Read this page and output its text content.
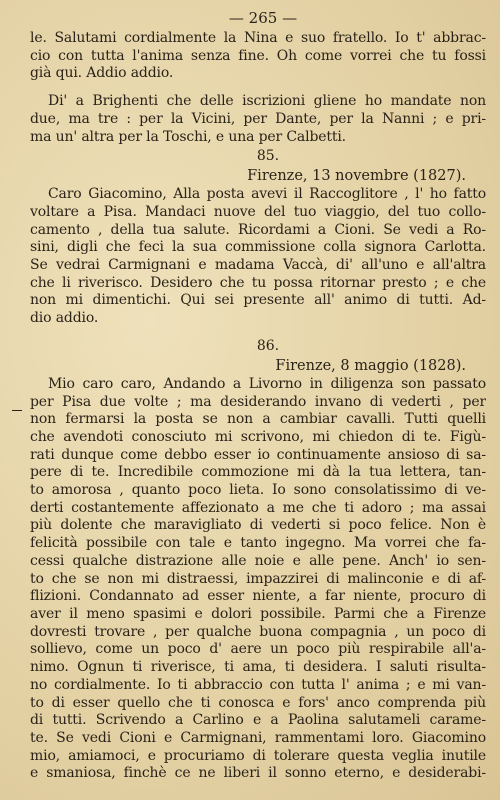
— 265 —
le. Salutami cordialmente la Nina e suo fratello. Io t' abbrac-
cio con tutta l'anima senza fine. Oh come vorrei che tu fossi
già qui. Addio addio.
Di' a Brighenti che delle iscrizioni gliene ho mandate non
due, ma tre : per la Vicini, per Dante, per la Nanni ; e pri-
ma un' altra per la Toschi, e una per Calbetti.
85.
Firenze, 13 novembre (1827).
Caro Giacomino, Alla posta avevi il Raccoglitore , l' ho fatto
voltare a Pisa. Mandaci nuove del tuo viaggio, del tuo collo-
camento , della tua salute. Ricordami a Cioni. Se vedi a Ro-
sini, digli che feci la sua commissione colla signora Carlotta.
Se vedrai Carmignani e madama Vaccà, di' all'uno e all'altra
che li riverisco. Desidero che tu possa ritornar presto ; e che
non mi dimentichi. Qui sei presente all' animo di tutti. Ad-
dio addio.
86.
Firenze, 8 maggio (1828).
Mio caro caro, Andando a Livorno in diligenza son passato
per Pisa due volte ; ma desiderando invano di vederti , per
non fermarsi la posta se non a cambiar cavalli. Tutti quelli
che avendoti conosciuto mi scrivono, mi chiedon di te. Figù-
rati dunque come debbo esser io continuamente ansioso di sa-
pere di te. Incredibile commozione mi dà la tua lettera, tan-
to amorosa , quanto poco lieta. Io sono consolatissimo di ve-
derti costantemente affezionato a me che ti adoro ; ma assai
più dolente che maravigliato di vederti si poco felice. Non è
felicità possibile con tale e tanto ingegno. Ma vorrei che fa-
cessi qualche distrazione alle noie e alle pene. Anch' io sen-
to che se non mi distraessi, impazzirei di malinconie e di af-
flizioni. Condannato ad esser niente, a far niente, procuro di
aver il meno spasimi e dolori possibile. Parmi che a Firenze
dovresti trovare , per qualche buona compagnia , un poco di
sollievo, come un poco d' aere un poco più respirabile all'a-
nimo. Ognun ti riverisce, ti ama, ti desidera. I saluti risulta-
no cordialmente. Io ti abbraccio con tutta l' anima ; e mi van-
to di esser quello che ti conosca e fors' anco comprenda più
di tutti. Scrivendo a Carlino e a Paolina salutameli carame-
te. Se vedi Cioni e Carmignani, rammentami loro. Giacomino
mio, amiamoci, e procuriamo di tolerare questa veglia inutile
e smaniosa, finchè ce ne liberi il sonno eterno, e desiderabi-
